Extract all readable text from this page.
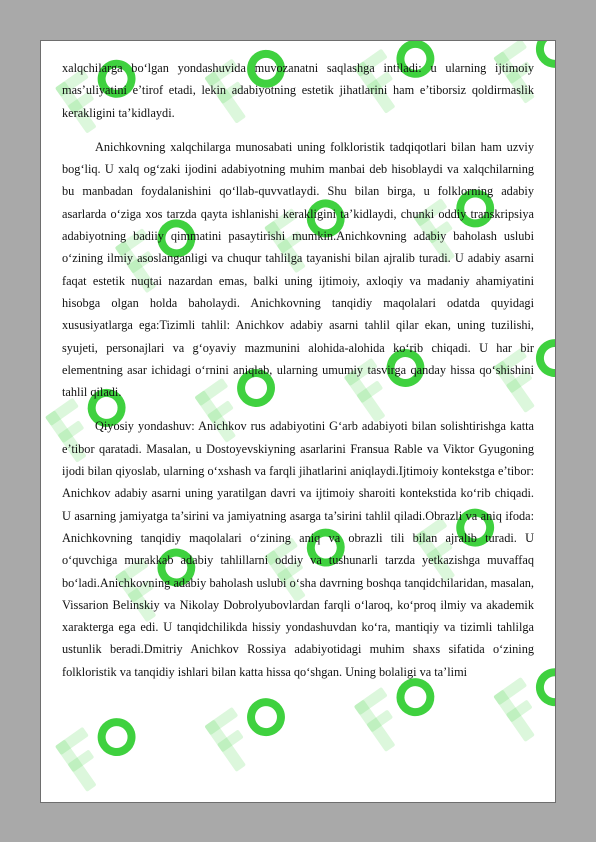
xalqchilarga bo‘lgan yondashuvida muvozanatni saqlashga intiladi: u ularning ijtimoiy mas’uliyatini e’tirof etadi, lekin adabiyotning estetik jihatlarini ham e’tiborsiz qoldirmaslik kerakligini ta’kidlaydi.

Anichkovning xalqchilarga munosabati uning folkloristik tadqiqotlari bilan ham uzviy bog‘liq. U xalq og‘zaki ijodini adabiyotning muhim manbai deb hisoblaydi va xalqchilarning bu manbadan foydalanishini qo‘llab-quvvatlaydi. Shu bilan birga, u folklorning adabiy asarlarda o‘ziga xos tarzda qayta ishlanishi kerakligini ta’kidlaydi, chunki oddiy transkripsiya adabiyotning badiiy qimmatini pasaytirishi mumkin.Anichkovning adabiy baholash uslubi o‘zining ilmiy asoslanganligi va chuqur tahlilga tayanishi bilan ajralib turadi. U adabiy asarni faqat estetik nuqtai nazardan emas, balki uning ijtimoiy, axloqiy va madaniy ahamiyatini hisobga olgan holda baholaydi. Anichkovning tanqidiy maqolalari odatda quyidagi xususiyatlarga ega:Tizimli tahlil: Anichkov adabiy asarni tahlil qilar ekan, uning tuzilishi, syujeti, personajlari va g‘oyaviy mazmunini alohida-alohida ko‘rib chiqadi. U har bir elementning asar ichidagi o‘rnini aniqlab, ularning umumiy tasvirga qanday hissa qo‘shishini tahlil qiladi.

Qiyosiy yondashuv: Anichkov rus adabiyotini G‘arb adabiyoti bilan solishtirishga katta e’tibor qaratadi. Masalan, u Dostoyevskiyning asarlarini Fransua Rable va Viktor Gyugoning ijodi bilan qiyoslab, ularning o‘xshash va farqli jihatlarini aniqlaydi.Ijtimoiy kontekstga e’tibor: Anichkov adabiy asarni uning yaratilgan davri va ijtimoiy sharoiti kontekstida ko‘rib chiqadi. U asarning jamiyatga ta’sirini va jamiyatning asarga ta’sirini tahlil qiladi.Obrazli va aniq ifoda: Anichkovning tanqidiy maqolalari o‘zining aniq va obrazli tili bilan ajralib turadi. U o‘quvchiga murakkab adabiy tahlillarni oddiy va tushunarli tarzda yetkazishga muvaffaq bo‘ladi.Anichkovning adabiy baholash uslubi o‘sha davrning boshqa tanqidchilaridan, masalan, Vissarion Belinskiy va Nikolay Dobrolyubovlardan farqli o‘laroq, ko‘proq ilmiy va akademik xarakterga ega edi. U tanqidchilikda hissiy yondashuvdan ko‘ra, mantiqiy va tizimli tahlilga ustunlik beradi.Dmitriy Anichkov Rossiya adabiyotidagi muhim shaxs sifatida o‘zining folkloristik va tanqidiy ishlari bilan katta hissa qo‘shgan. Uning bolaligi va ta’limi
